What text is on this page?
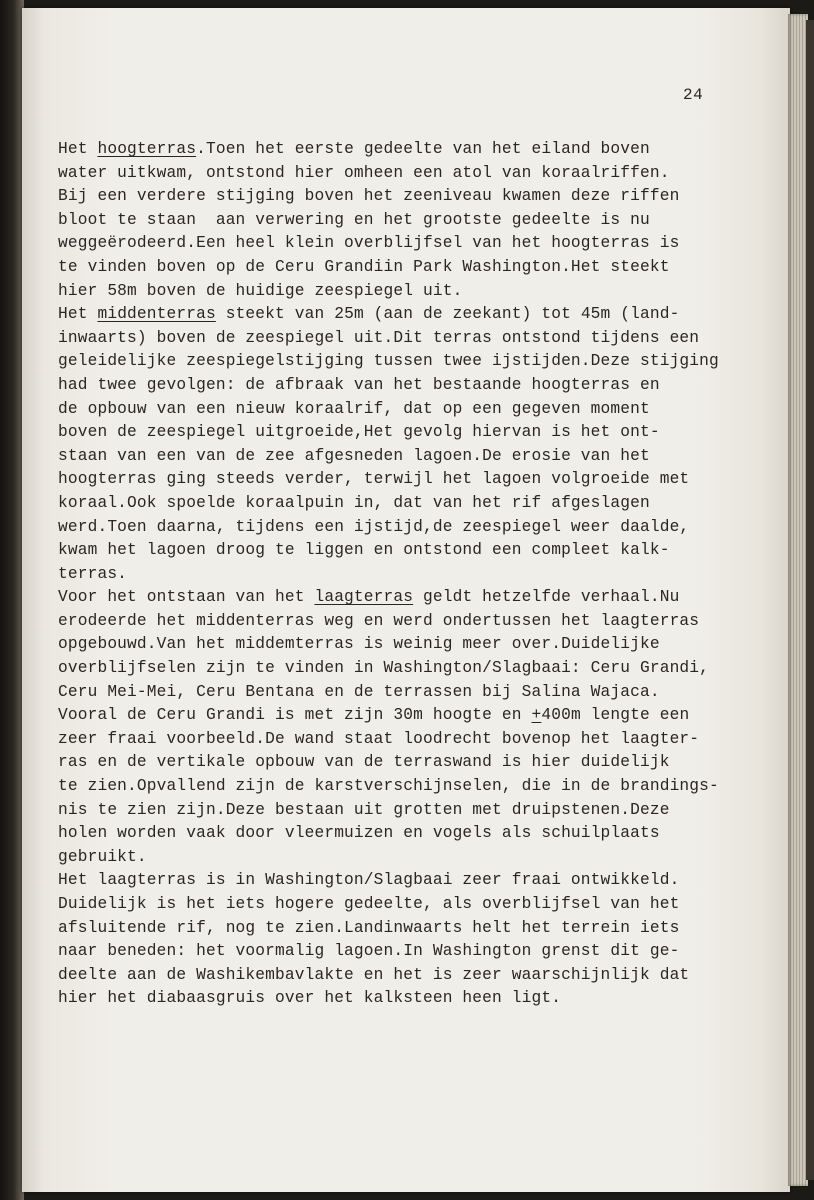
24
Het hoogterras.Toen het eerste gedeelte van het eiland boven
water uitkwam, ontstond hier omheen een atol van koraalriffen.
Bij een verdere stijging boven het zeeniveau kwamen deze riffen
bloot te staan  aan verwering en het grootste gedeelte is nu
weggeërodeerd.Een heel klein overblijfsel van het hoogterras is
te vinden boven op de Ceru Grandiin Park Washington.Het steekt
hier 58m boven de huidige zeespiegel uit.
Het middenterras steekt van 25m (aan de zeekant) tot 45m (land-
inwaarts) boven de zeespiegel uit.Dit terras ontstond tijdens een
geleidelijke zeespiegelstijging tussen twee ijstijden.Deze stijging
had twee gevolgen: de afbraak van het bestaande hoogterras en
de opbouw van een nieuw koraalrif, dat op een gegeven moment
boven de zeespiegel uitgroeide,Het gevolg hiervan is het ont-
staan van een van de zee afgesneden lagoen.De erosie van het
hoogterras ging steeds verder, terwijl het lagoen volgroeide met
koraal.Ook spoelde koraalpuin in, dat van het rif afgeslagen
werd.Toen daarna, tijdens een ijstijd,de zeespiegel weer daalde,
kwam het lagoen droog te liggen en ontstond een compleet kalk-
terras.
Voor het ontstaan van het laagterras geldt hetzelfde verhaal.Nu
erodeerde het middenterras weg en werd ondertussen het laagterras
opgebouwd.Van het middemterras is weinig meer over.Duidelijke
overblijfselen zijn te vinden in Washington/Slagbaai: Ceru Grandi,
Ceru Mei-Mei, Ceru Bentana en de terrassen bij Salina Wajaca.
Vooral de Ceru Grandi is met zijn 30m hoogte en +400m lengte een
zeer fraai voorbeeld.De wand staat loodrecht bovenop het laagter-
ras en de vertikale opbouw van de terraswand is hier duidelijk
te zien.Opvallend zijn de karstverschijnselen, die in de brandings-
nis te zien zijn.Deze bestaan uit grotten met druipstenen.Deze
holen worden vaak door vleermuizen en vogels als schuilplaats
gebruikt.
Het laagterras is in Washington/Slagbaai zeer fraai ontwikkeld.
Duidelijk is het iets hogere gedeelte, als overblijfsel van het
afsluitende rif, nog te zien.Landinwaarts helt het terrein iets
naar beneden: het voormalig lagoen.In Washington grenst dit ge-
deelte aan de Washikembavlakte en het is zeer waarschijnlijk dat
hier het diabaasgruis over het kalksteen heen ligt.
